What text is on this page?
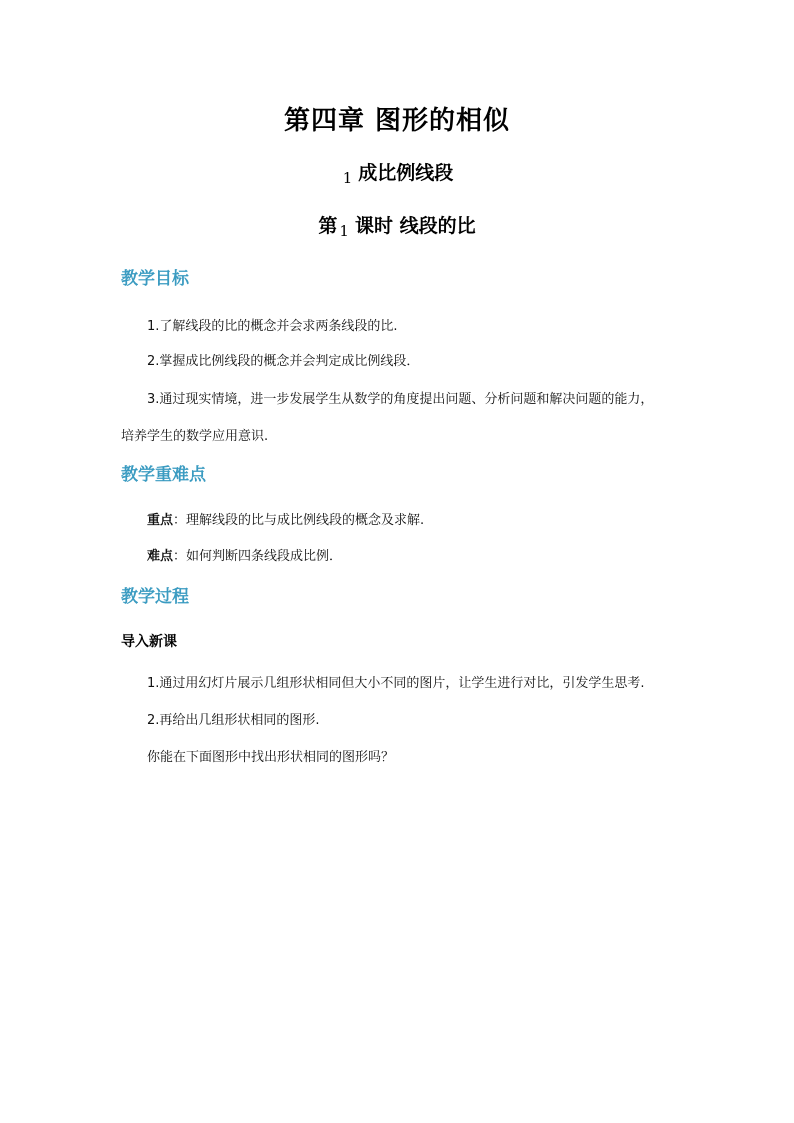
第四章 图形的相似
$_1$ 成比例线段
第 $_1$ 课时 线段的比
教学目标
1.了解线段的比的概念并会求两条线段的比.
2.掌握成比例线段的概念并会判定成比例线段．
3.通过现实情境，进一步发展学生从数学的角度提出问题、分析问题和解决问题的能力，
培养学生的数学应用意识.
教学重难点
重点：理解线段的比与成比例线段的概念及求解.
难点：如何判断四条线段成比例．
教学过程
导入新课
1.通过用幻灯片展示几组形状相同但大小不同的图片，让学生进行对比，引发学生思考.
2.再给出几组形状相同的图形.
你能在下面图形中找出形状相同的图形吗？
